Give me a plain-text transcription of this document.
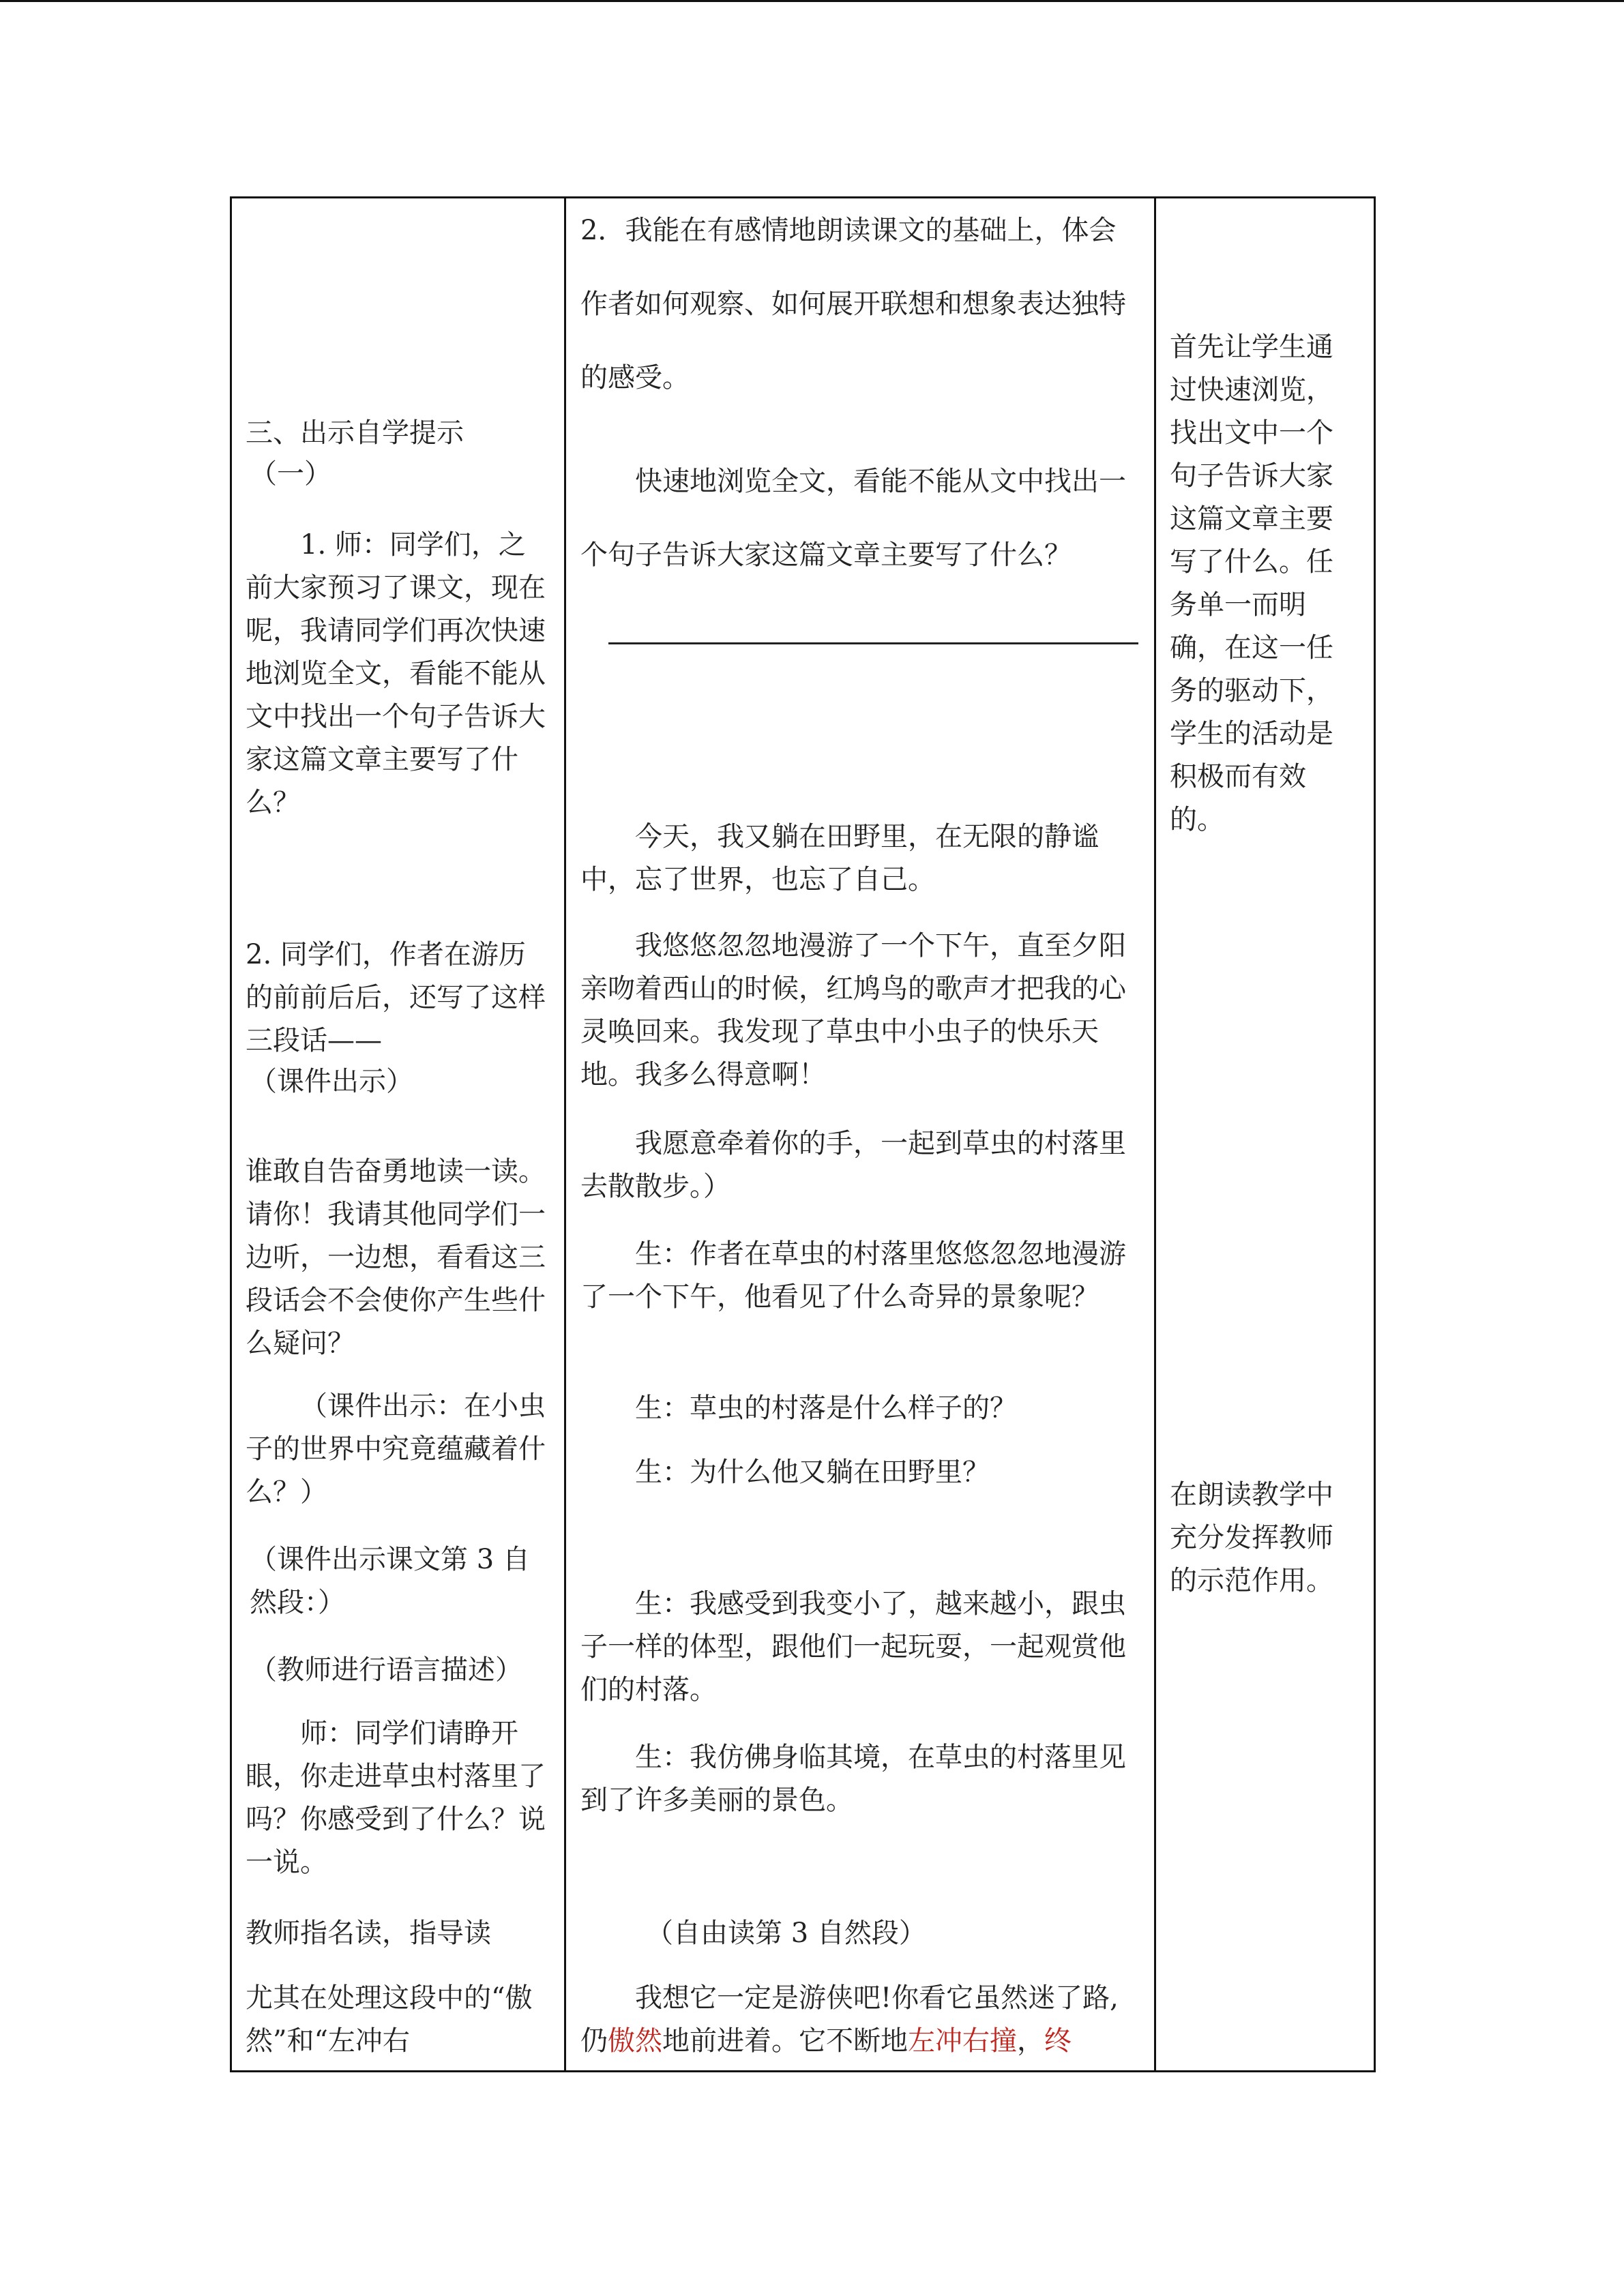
三、出示自学提示

（一）

1. 师：同学们，之前大家预习了课文，现在呢，我请同学们再次快速地浏览全文，看能不能从文中找出一个句子告诉大家这篇文章主要写了什么？

2. 同学们，作者在游历的前前后后，还写了这样三段话——

（课件出示）

谁敢自告奋勇地读一读。请你！我请其他同学们一边听，一边想，看看这三段话会不会使你产生些什么疑问？

（课件出示：在小虫子的世界中究竟蕴藏着什么？）

（课件出示课文第 3 自然段：）

（教师进行语言描述）

师：同学们请睁开眼，你走进草虫村落里了吗？你感受到了什么？说一说。

教师指名读，指导读

尤其在处理这段中的“傲然”和“左冲右

2．我能在有感情地朗读课文的基础上，体会作者如何观察、如何展开联想和想象表达独特的感受。

快速地浏览全文，看能不能从文中找出一个句子告诉大家这篇文章主要写了什么？

今天，我又躺在田野里，在无限的静谧中，忘了世界，也忘了自己。

我悠悠忽忽地漫游了一个下午，直至夕阳亲吻着西山的时候，红鸠鸟的歌声才把我的心灵唤回来。我发现了草虫中小虫子的快乐天地。我多么得意啊！

我愿意牵着你的手，一起到草虫的村落里去散散步。）

生：作者在草虫的村落里悠悠忽忽地漫游了一个下午，他看见了什么奇异的景象呢？

生：草虫的村落是什么样子的？

生：为什么他又躺在田野里？

生：我感受到我变小了，越来越小，跟虫子一样的体型，跟他们一起玩耍，一起观赏他们的村落。

生：我仿佛身临其境，在草虫的村落里见到了许多美丽的景色。

（自由读第 3 自然段）

我想它一定是游侠吧!你看它虽然迷了路,仍傲然地前进着。它不断地左冲右撞，终

首先让学生通过快速浏览，找出文中一个句子告诉大家这篇文章主要写了什么。任务单一而明确，在这一任务的驱动下，学生的活动是积极而有效的。

在朗读教学中充分发挥教师的示范作用。
